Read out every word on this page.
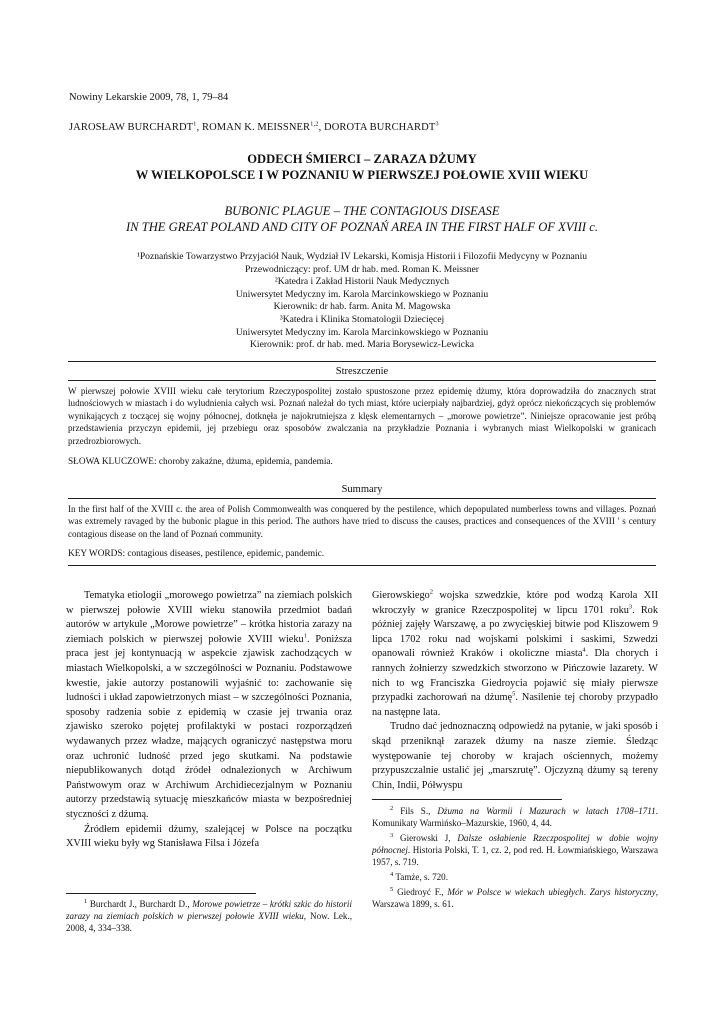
Nowiny Lekarskie 2009, 78, 1, 79–84
JAROSŁAW BURCHARDT$^1$, ROMAN K. MEISSNER$^{1,2}$, DOROTA BURCHARDT$^3$
ODDECH ŚMIERCI – ZARAZA DŻUMY
W WIELKOPOLSCE I W POZNANIU W PIERWSZEJ POŁOWIE XVIII WIEKU
BUBONIC PLAGUE – THE CONTAGIOUS DISEASE
IN THE GREAT POLAND AND CITY OF POZNAŃ AREA IN THE FIRST HALF OF XVIII c.
¹Poznańskie Towarzystwo Przyjaciół Nauk, Wydział IV Lekarski, Komisja Historii i Filozofii Medycyny w Poznaniu
Przewodniczący: prof. UM dr hab. med. Roman K. Meissner
²Katedra i Zakład Historii Nauk Medycznych
Uniwersytet Medyczny im. Karola Marcinkowskiego w Poznaniu
Kierownik: dr hab. farm. Anita M. Magowska
³Katedra i Klinika Stomatologii Dziecięcej
Uniwersytet Medyczny im. Karola Marcinkowskiego w Poznaniu
Kierownik: prof. dr hab. med. Maria Borysewicz-Lewicka
Streszczenie
W pierwszej połowie XVIII wieku całe terytorium Rzeczypospolitej zostało spustoszone przez epidemię dżumy, która doprowadziła do znacznych strat ludnościowych w miastach i do wyludnienia całych wsi. Poznań należał do tych miast, które ucierpiały najbardziej, gdyż oprócz niekończących się problemów wynikających z toczącej się wojny północnej, dotknęła je najokrutniejsza z klęsk elementarnych – „morowe powietrze”. Niniejsze opracowanie jest próbą przedstawienia przyczyn epidemii, jej przebiegu oraz sposobów zwalczania na przykładzie Poznania i wybranych miast Wielkopolski w granicach przedrozbiorowych.
SŁOWA KLUCZOWE: choroby zakaźne, dżuma, epidemia, pandemia.
Summary
In the first half of the XVIII c. the area of Polish Commonwealth was conquered by the pestilence, which depopulated numberless towns and villages. Poznań was extremely ravaged by the bubonic plague in this period. The authors have tried to discuss the causes, practices and consequences of the XVIII ' s century contagious disease on the land of Poznań community.
KEY WORDS: contagious diseases, pestilence, epidemic, pandemic.

Tematyka etiologii „morowego powietrza” na ziemiach polskich w pierwszej połowie XVIII wieku stanowiła przedmiot badań autorów w artykule „Morowe powietrze” – krótka historia zarazy na ziemiach polskich w pierwszej połowie XVIII wieku$^1$. Poniższa praca jest jej kontynuacją w aspekcie zjawisk zachodzących w miastach Wielkopolski, a w szczególności w Poznaniu. Podstawowe kwestie, jakie autorzy postanowili wyjaśnić to: zachowanie się ludności i układ zapowietrzonych miast – w szczególności Poznania, sposoby radzenia sobie z epidemią w czasie jej trwania oraz zjawisko szeroko pojętej profilaktyki w postaci rozporządzeń wydawanych przez władze, mających ograniczyć następstwa moru oraz uchronić ludność przed jego skutkami. Na podstawie niepublikowanych dotąd źródeł odnalezionych w Archiwum Państwowym oraz w Archiwum Archidiecezjalnym w Poznaniu autorzy przedstawią sytuację mieszkańców miasta w bezpośredniej styczności z dżumą.

Źródłem epidemii dżumy, szalejącej w Polsce na początku XVIII wieku były wg Stanisława Filsa i Józefa

Gierowskiego$^2$ wojska szwedzkie, które pod wodzą Karola XII wkroczyły w granice Rzeczpospolitej w lipcu 1701 roku$^3$. Rok później zajęły Warszawę, a po zwycięskiej bitwie pod Kliszowem 9 lipca 1702 roku nad wojskami polskimi i saskimi, Szwedzi opanowali również Kraków i okoliczne miasta$^4$. Dla chorych i rannych żołnierzy szwedzkich stworzono w Pińczowie lazarety. W nich to wg Franciszka Giedroycia pojawić się miały pierwsze przypadki zachorowań na dżumę$^5$. Nasilenie tej choroby przypadło na następne lata.

Trudno dać jednoznaczną odpowiedź na pytanie, w jaki sposób i skąd przeniknął zarazek dżumy na nasze ziemie. Śledząc występowanie tej choroby w krajach ościennych, możemy przypuszczalnie ustalić jej „marszrutę”. Ojczyzną dżumy są tereny Chin, Indii, Półwyspu

$^1$ Burchardt J., Burchardt D., Morowe powietrze – krótki szkic do historii zarazy na ziemiach polskich w pierwszej połowie XVIII wieku, Now. Lek., 2008, 4, 334–338.

$^2$ Fils S., Dżuma na Warmii i Mazurach w latach 1708–1711. Komunikaty Warmińsko–Mazurskie, 1960, 4, 44.

$^3$ Gierowski J, Dalsze osłabienie Rzeczpospolitej w dobie wojny północnej. Historia Polski, T. 1, cz. 2, pod red. H. Łowmiańskiego, Warszawa 1957, s. 719.

$^4$ Tamże, s. 720.

$^5$ Giedroyć F., Mór w Polsce w wiekach ubiegłych. Zarys historyczny, Warszawa 1899, s. 61.
